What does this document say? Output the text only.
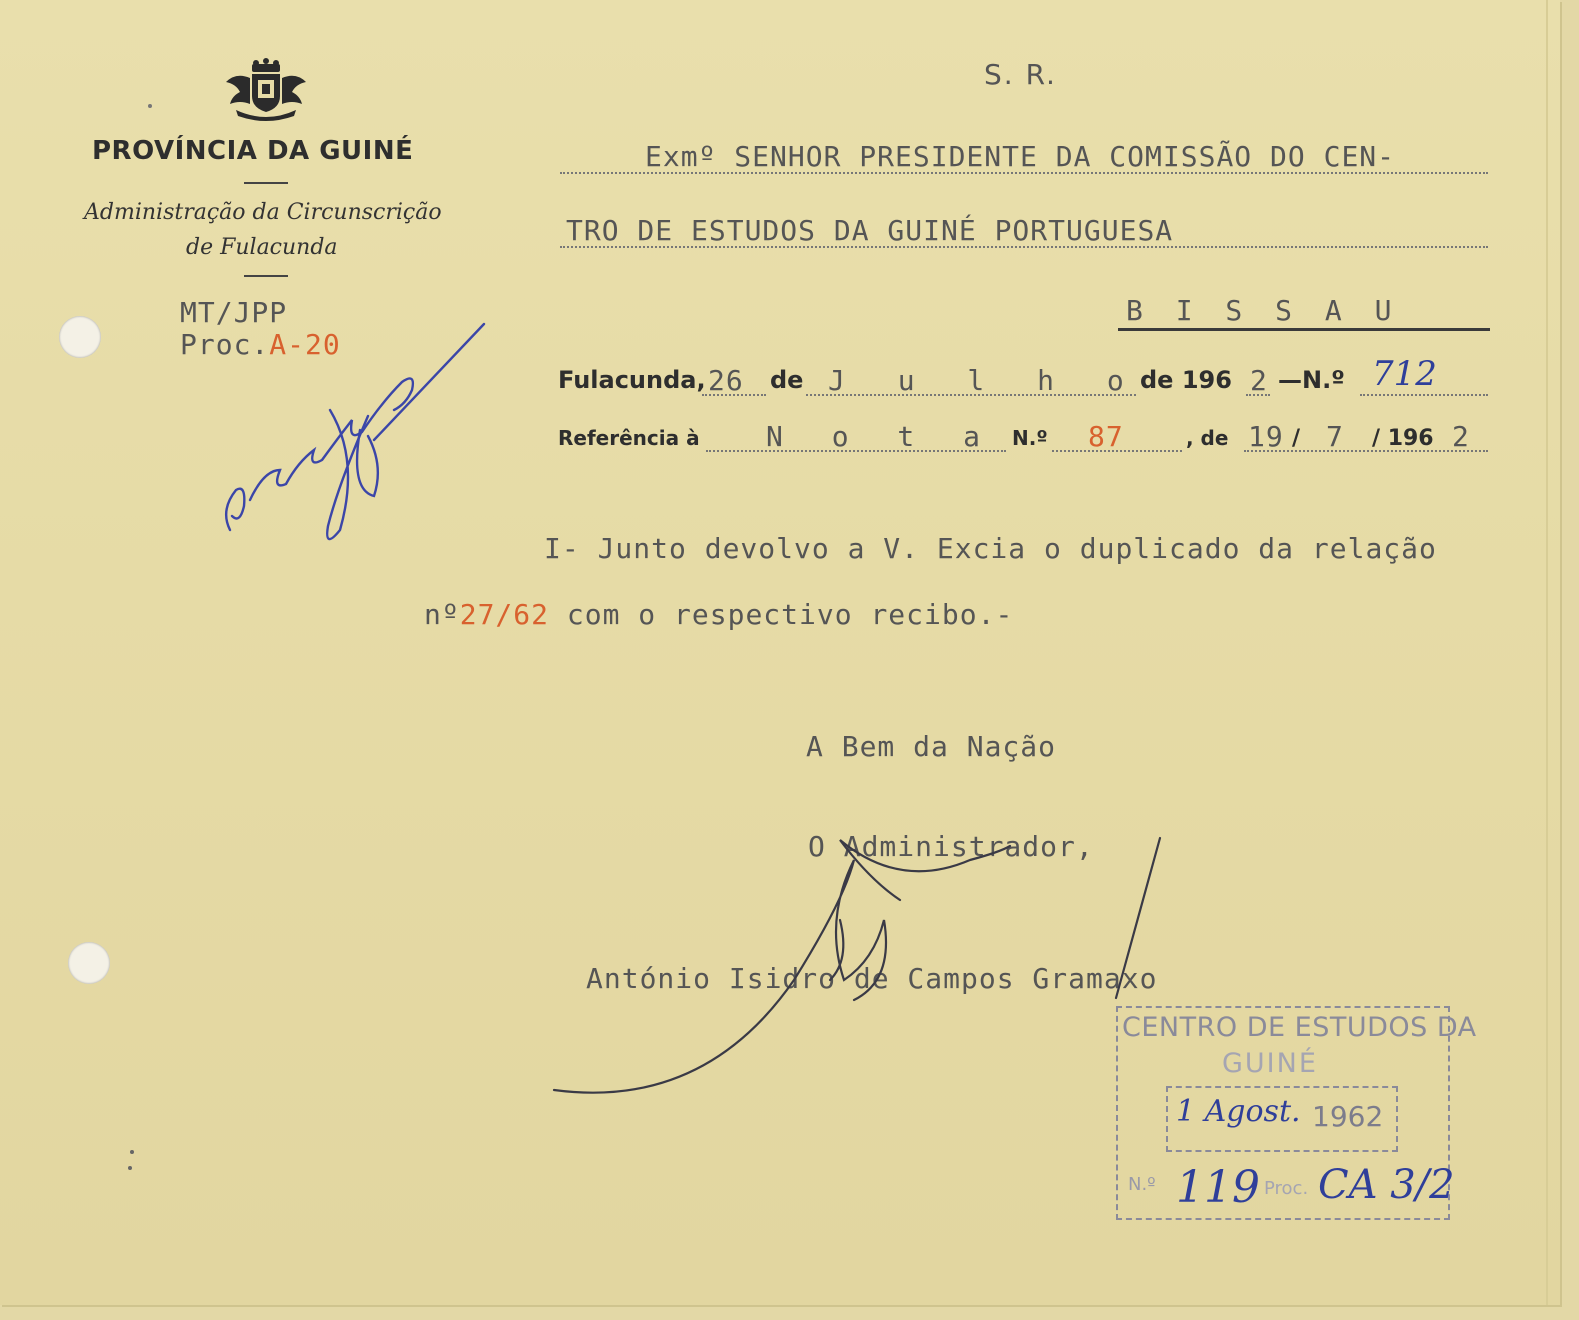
PROVÍNCIA DA GUINÉ
Administração da Circunscrição
de Fulacunda
MT/JPP
Proc.A-20
S. R.
Exmº SENHOR PRESIDENTE DA COMISSÃO DO CEN-
TRO DE ESTUDOS DA GUINÉ PORTUGUESA
B I S S A U
Fulacunda, 26 de J u l h o
de 196 2 —N.º 712
Referência à N o t a N.º 87	, de 19 / 7 / 196 2
I- Junto devolvo a V. Excia o duplicado da relação
nº27/62 com o respectivo recibo.-
A Bem da Nação
O Administrador,
António Isidro de Campos Gramaxo
CENTRO DE ESTUDOS DA
GUINÉ
1 Agost. 1962
N.º 119 Proc. CA 3/2
